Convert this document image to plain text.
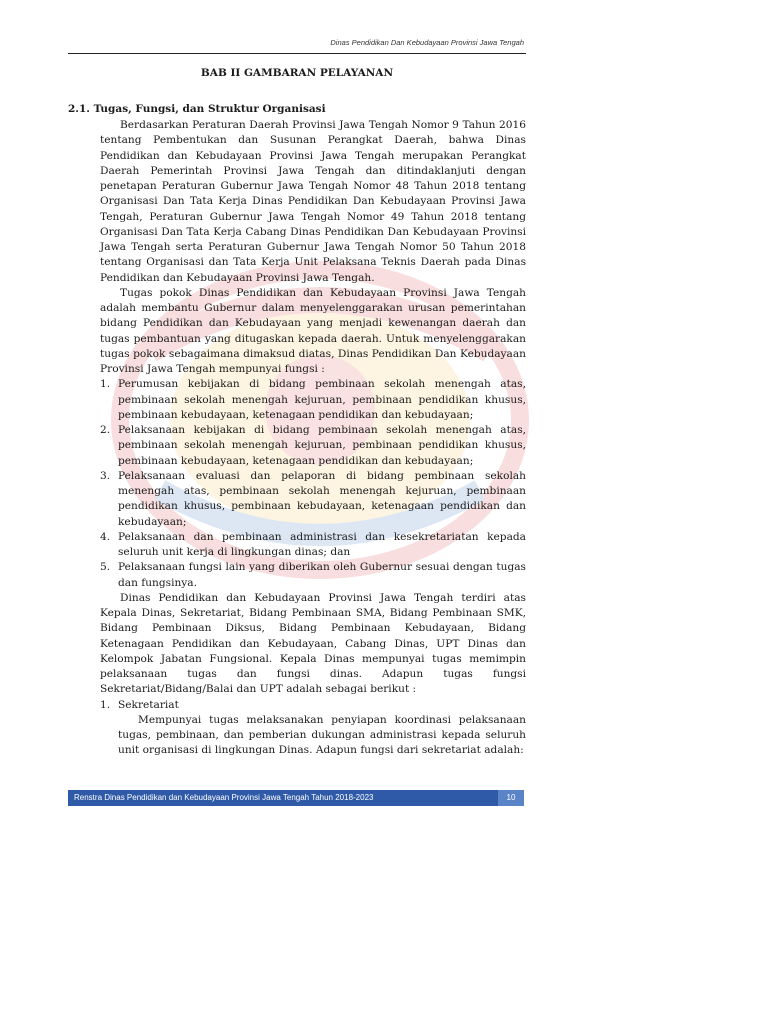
Dinas Pendidikan Dan Kebudayaan Provinsi Jawa Tengah
BAB II GAMBARAN PELAYANAN
2.1. Tugas, Fungsi, dan Struktur Organisasi

Berdasarkan Peraturan Daerah Provinsi Jawa Tengah Nomor 9 Tahun 2016 tentang Pembentukan dan Susunan Perangkat Daerah, bahwa Dinas Pendidikan dan Kebudayaan Provinsi Jawa Tengah merupakan Perangkat Daerah Pemerintah Provinsi Jawa Tengah dan ditindaklanjuti dengan penetapan Peraturan Gubernur Jawa Tengah Nomor 48 Tahun 2018 tentang Organisasi Dan Tata Kerja Dinas Pendidikan Dan Kebudayaan Provinsi Jawa Tengah, Peraturan Gubernur Jawa Tengah Nomor 49 Tahun 2018 tentang Organisasi Dan Tata Kerja Cabang Dinas Pendidikan Dan Kebudayaan Provinsi Jawa Tengah serta Peraturan Gubernur Jawa Tengah Nomor 50 Tahun 2018 tentang Organisasi dan Tata Kerja Unit Pelaksana Teknis Daerah pada Dinas Pendidikan dan Kebudayaan Provinsi Jawa Tengah.

Tugas pokok Dinas Pendidikan dan Kebudayaan Provinsi Jawa Tengah adalah membantu Gubernur dalam menyelenggarakan urusan pemerintahan bidang Pendidikan dan Kebudayaan yang menjadi kewenangan daerah dan tugas pembantuan yang ditugaskan kepada daerah. Untuk menyelenggarakan tugas pokok sebagaimana dimaksud diatas, Dinas Pendidikan Dan Kebudayaan Provinsi Jawa Tengah mempunyai fungsi :

1. Perumusan kebijakan di bidang pembinaan sekolah menengah atas, pembinaan sekolah menengah kejuruan, pembinaan pendidikan khusus, pembinaan kebudayaan, ketenagaan pendidikan dan kebudayaan;
2. Pelaksanaan kebijakan di bidang pembinaan sekolah menengah atas, pembinaan sekolah menengah kejuruan, pembinaan pendidikan khusus, pembinaan kebudayaan, ketenagaan pendidikan dan kebudayaan;
3. Pelaksanaan evaluasi dan pelaporan di bidang pembinaan sekolah menengah atas, pembinaan sekolah menengah kejuruan, pembinaan pendidikan khusus, pembinaan kebudayaan, ketenagaan pendidikan dan kebudayaan;
4. Pelaksanaan dan pembinaan administrasi dan kesekretariatan kepada seluruh unit kerja di lingkungan dinas; dan
5. Pelaksanaan fungsi lain yang diberikan oleh Gubernur sesuai dengan tugas dan fungsinya.

Dinas Pendidikan dan Kebudayaan Provinsi Jawa Tengah terdiri atas Kepala Dinas, Sekretariat, Bidang Pembinaan SMA, Bidang Pembinaan SMK, Bidang Pembinaan Diksus, Bidang Pembinaan Kebudayaan, Bidang Ketenagaan Pendidikan dan Kebudayaan, Cabang Dinas, UPT Dinas dan Kelompok Jabatan Fungsional. Kepala Dinas mempunyai tugas memimpin pelaksanaan tugas dan fungsi dinas. Adapun tugas fungsi Sekretariat/Bidang/Balai dan UPT adalah sebagai berikut :

1. Sekretariat

Mempunyai tugas melaksanakan penyiapan koordinasi pelaksanaan tugas, pembinaan, dan pemberian dukungan administrasi kepada seluruh unit organisasi di lingkungan Dinas. Adapun fungsi dari sekretariat adalah:

Renstra Dinas Pendidikan dan Kebudayaan Provinsi Jawa Tengah Tahun 2018-2023	10
